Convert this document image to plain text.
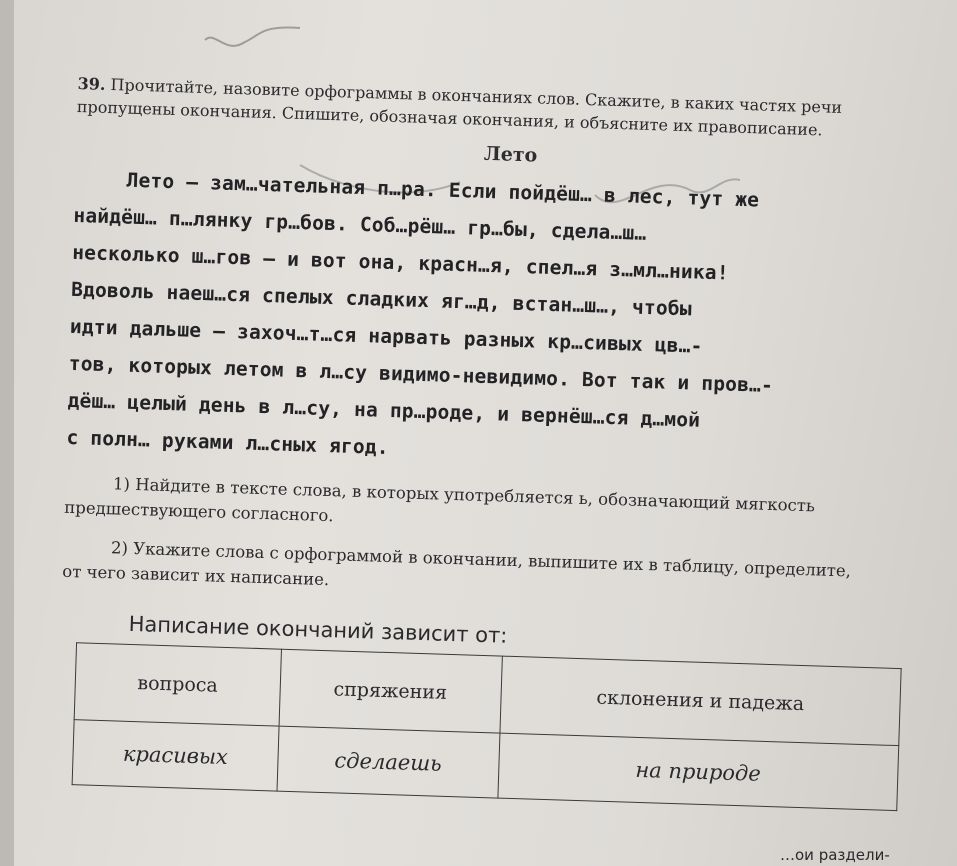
39. Прочитайте, назовите орфограммы в окончаниях слов. Скажите, в каких частях речи пропущены окончания. Спишите, обозначая окончания, и объясните их правописание.

Лето
Лето – зам…чательная п…ра. Если пойдёш… в лес, тут же
найдёш… п…лянку гр…бов. Соб…рёш… гр…бы, сдела…ш…
несколько ш…гов – и вот она, красн…я, спел…я з…мл…ника!
Вдоволь наеш…ся спелых сладких яг…д, встан…ш…, чтобы
идти дальше – захоч…т…ся нарвать разных кр…сивых цв…-
тов, которых летом в л…су видимо-невидимо. Вот так и пров…-
дёш… целый день в л…су, на пр…роде, и вернёш…ся д…мой
с полн… руками л…сных ягод.

1) Найдите в тексте слова, в которых употребляется ь, обозначающий мягкость предшествующего согласного.

2) Укажите слова с орфограммой в окончании, выпишите их в таблицу, определите, от чего зависит их написание.

Написание окончаний зависит от:
вопроса	спряжения	склонения и падежа
красивых	сделаешь	на природе
…ои раздели-
